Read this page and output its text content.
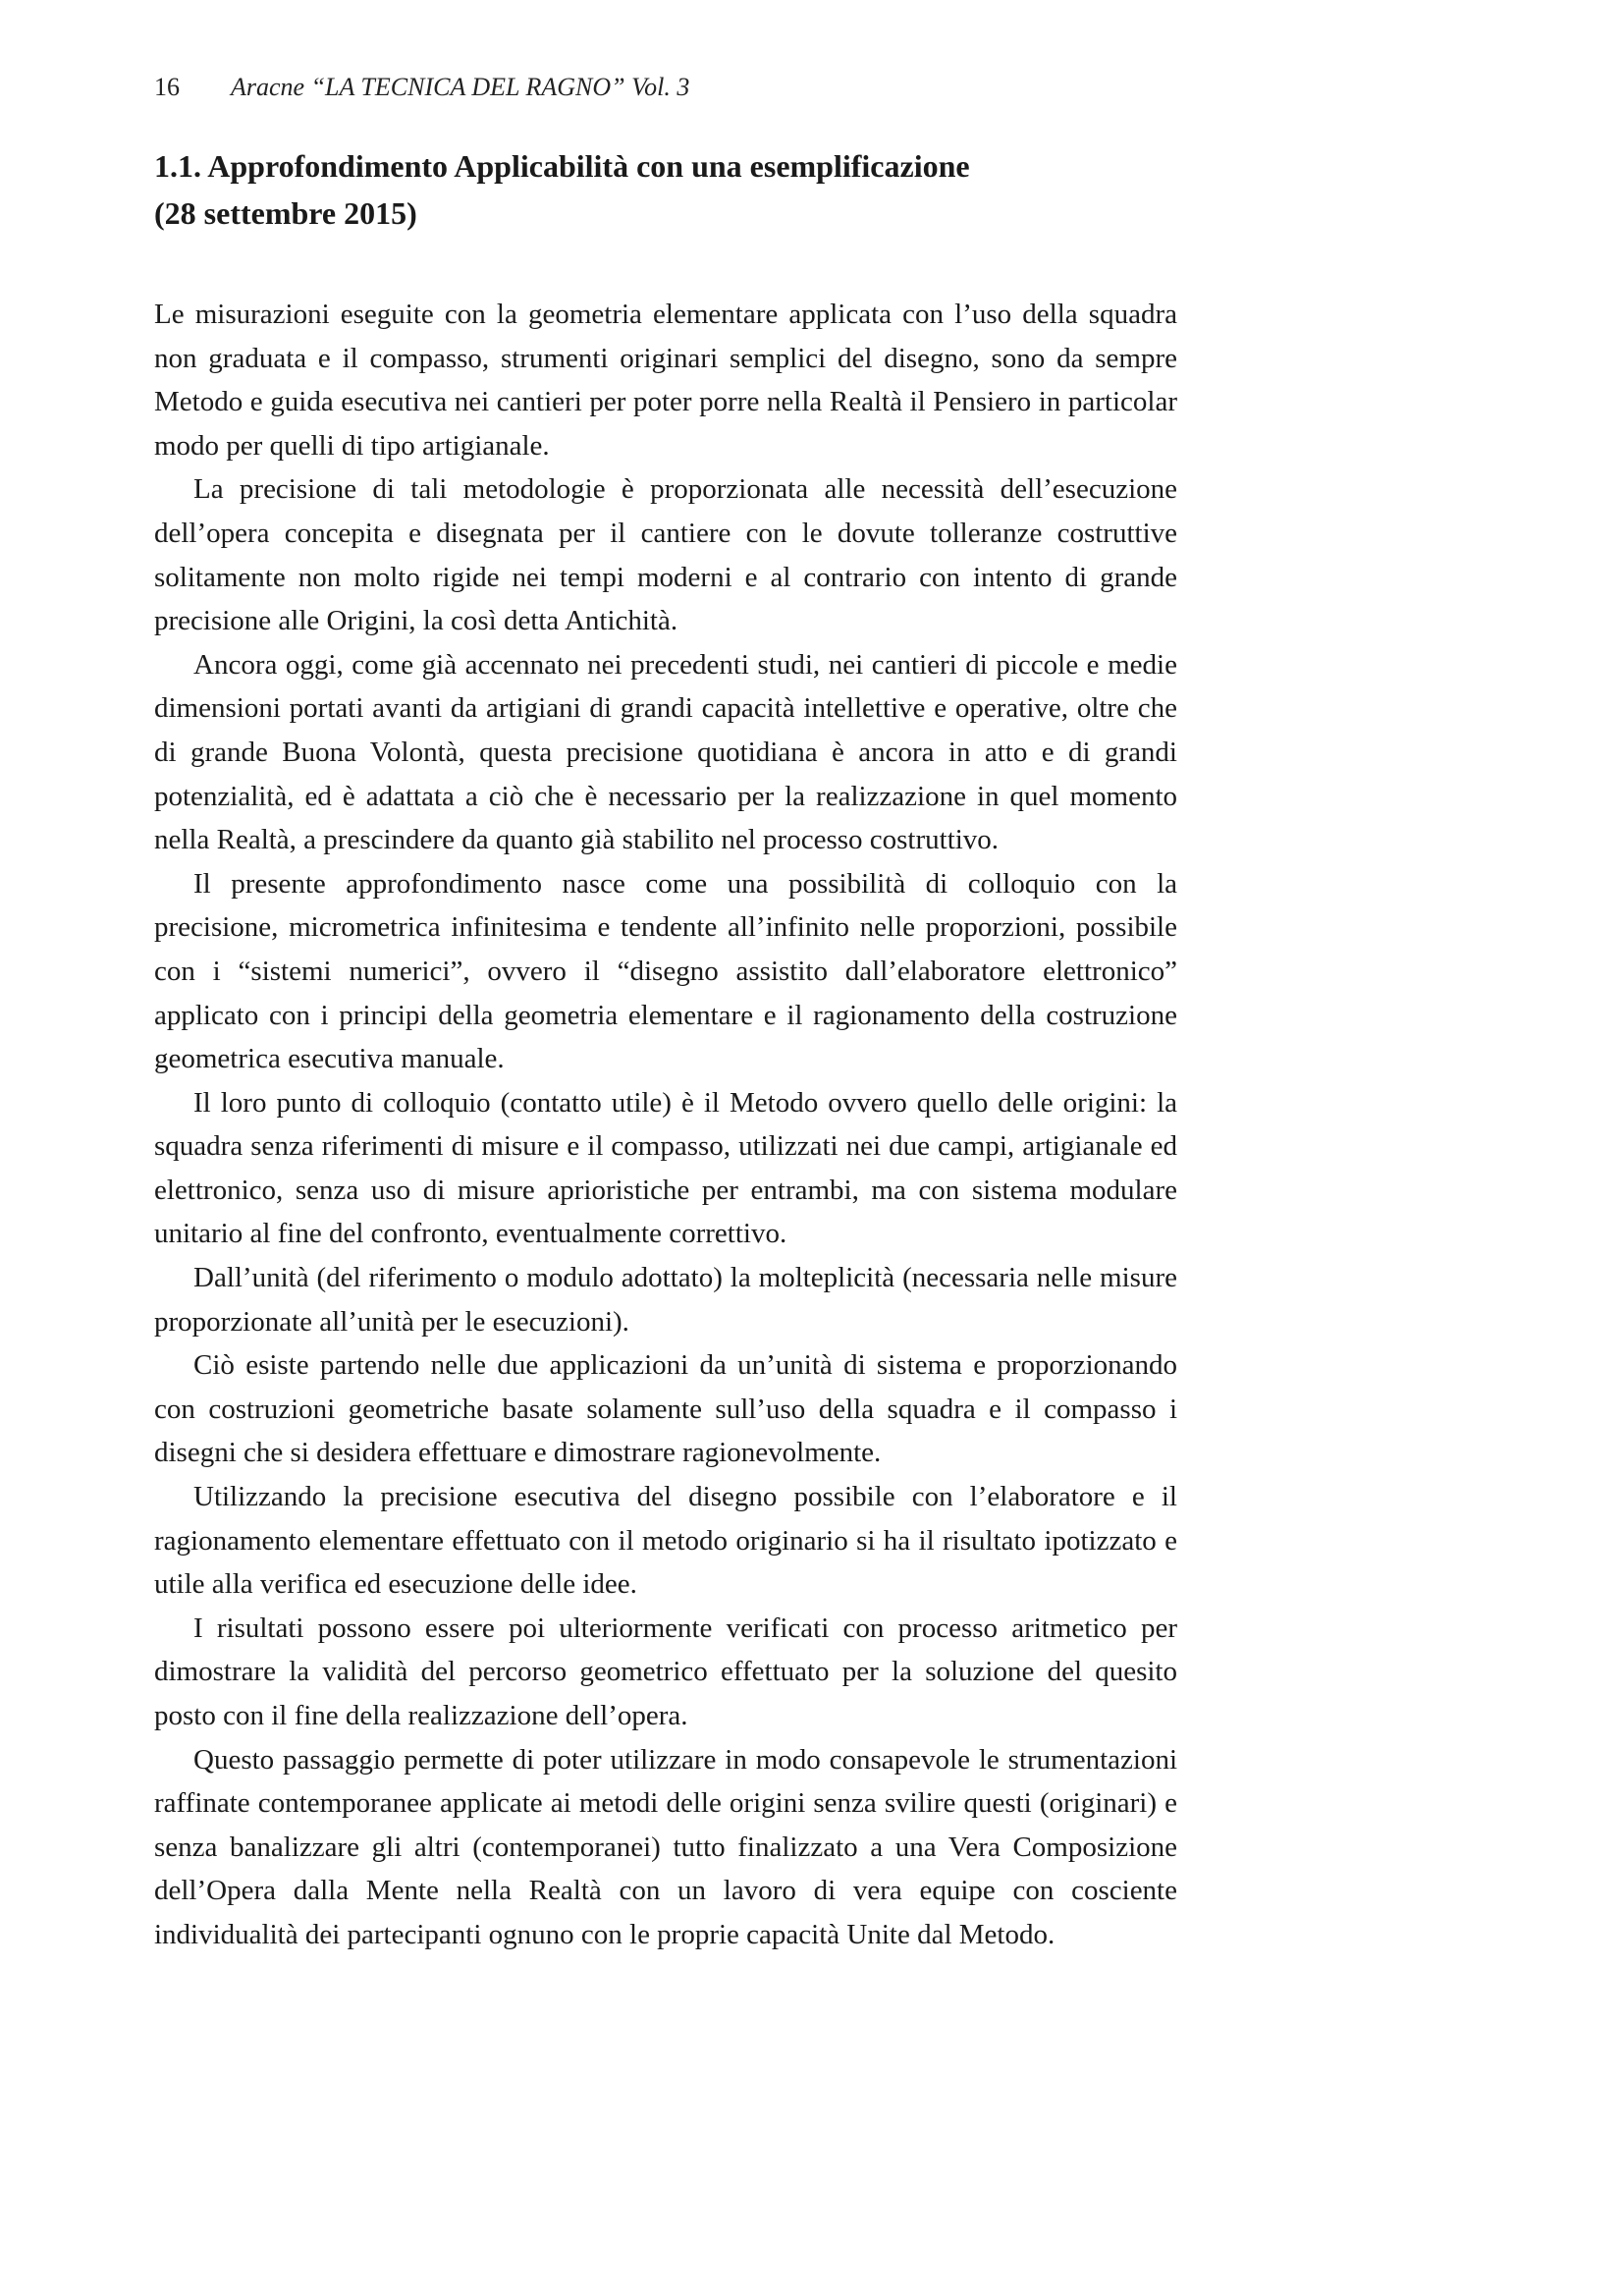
16 Aracne “LA TECNICA DEL RAGNO” Vol. 3
1.1. Approfondimento Applicabilità con una esemplificazione
(28 settembre 2015)

Le misurazioni eseguite con la geometria elementare applicata con l’uso della squadra non graduata e il compasso, strumenti originari semplici del disegno, sono da sempre Metodo e guida esecutiva nei cantieri per poter porre nella Realtà il Pensiero in particolar modo per quelli di tipo artigianale.

La precisione di tali metodologie è proporzionata alle necessità dell’esecuzione dell’opera concepita e disegnata per il cantiere con le dovute tolleranze costruttive solitamente non molto rigide nei tempi moderni e al contrario con intento di grande precisione alle Origini, la così detta Antichità.

Ancora oggi, come già accennato nei precedenti studi, nei cantieri di piccole e medie dimensioni portati avanti da artigiani di grandi capacità intellettive e operative, oltre che di grande Buona Volontà, questa precisione quotidiana è ancora in atto e di grandi potenzialità, ed è adattata a ciò che è necessario per la realizzazione in quel momento nella Realtà, a prescindere da quanto già stabilito nel processo costruttivo.

Il presente approfondimento nasce come una possibilità di colloquio con la precisione, micrometrica infinitesima e tendente all’infinito nelle proporzioni, possibile con i “sistemi numerici”, ovvero il “disegno assistito dall’elaboratore elettronico” applicato con i principi della geometria elementare e il ragionamento della costruzione geometrica esecutiva manuale.

Il loro punto di colloquio (contatto utile) è il Metodo ovvero quello delle origini: la squadra senza riferimenti di misure e il compasso, utilizzati nei due campi, artigianale ed elettronico, senza uso di misure aprioristiche per entrambi, ma con sistema modulare unitario al fine del confronto, eventualmente correttivo.

Dall’unità (del riferimento o modulo adottato) la molteplicità (necessaria nelle misure proporzionate all’unità per le esecuzioni).

Ciò esiste partendo nelle due applicazioni da un’unità di sistema e proporzionando con costruzioni geometriche basate solamente sull’uso della squadra e il compasso i disegni che si desidera effettuare e dimostrare ragionevolmente.

Utilizzando la precisione esecutiva del disegno possibile con l’elaboratore e il ragionamento elementare effettuato con il metodo originario si ha il risultato ipotizzato e utile alla verifica ed esecuzione delle idee.

I risultati possono essere poi ulteriormente verificati con processo aritmetico per dimostrare la validità del percorso geometrico effettuato per la soluzione del quesito posto con il fine della realizzazione dell’opera.

Questo passaggio permette di poter utilizzare in modo consapevole le strumentazioni raffinate contemporanee applicate ai metodi delle origini senza svilire questi (originari) e senza banalizzare gli altri (contemporanei) tutto finalizzato a una Vera Composizione dell’Opera dalla Mente nella Realtà con un lavoro di vera equipe con cosciente individualità dei partecipanti ognuno con le proprie capacità Unite dal Metodo.
